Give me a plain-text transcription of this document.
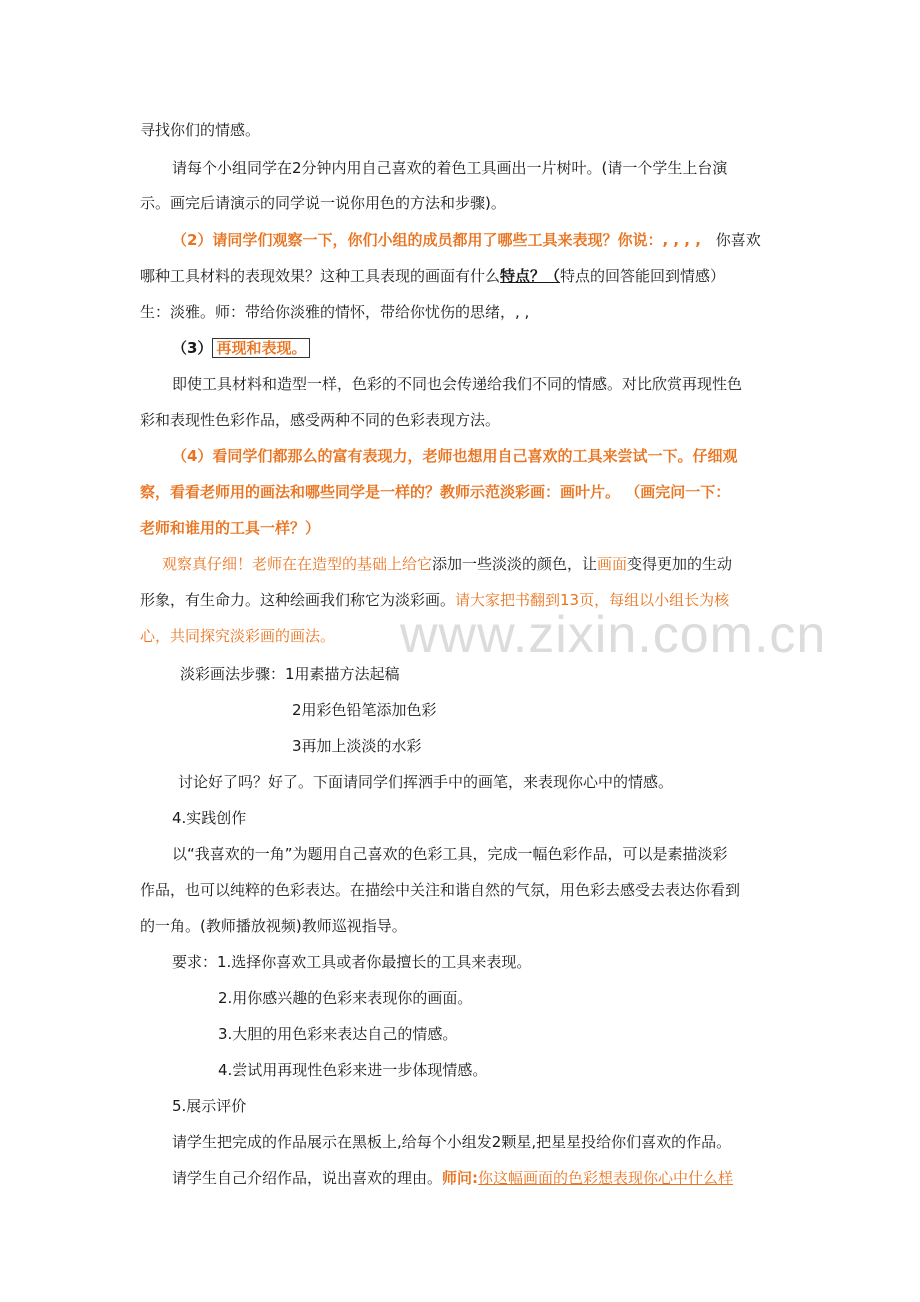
www.zixin.com.cn
寻找你们的情感。
请每个小组同学在2分钟内用自己喜欢的着色工具画出一片树叶。(请一个学生上台演
示。画完后请演示的同学说一说你用色的方法和步骤)。
（2）请同学们观察一下，你们小组的成员都用了哪些工具来表现？你说：, , , , 你喜欢
哪种工具材料的表现效果？这种工具表现的画面有什么特点？（特点的回答能回到情感）
生：淡雅。师：带给你淡雅的情怀，带给你忧伤的思绪，, ,
（3） 再现和表现。
即使工具材料和造型一样，色彩的不同也会传递给我们不同的情感。对比欣赏再现性色
彩和表现性色彩作品，感受两种不同的色彩表现方法。
（4）看同学们都那么的富有表现力，老师也想用自己喜欢的工具来尝试一下。仔细观
察，看看老师用的画法和哪些同学是一样的？教师示范淡彩画：画叶片。 （画完问一下：
老师和谁用的工具一样？）
观察真仔细！老师在在造型的基础上给它添加一些淡淡的颜色，让画面变得更加的生动
形象，有生命力。这种绘画我们称它为淡彩画。请大家把书翻到13页，每组以小组长为核
心，共同探究淡彩画的画法。
淡彩画法步骤：1用素描方法起稿
2用彩色铅笔添加色彩
3再加上淡淡的水彩
讨论好了吗？好了。下面请同学们挥洒手中的画笔，来表现你心中的情感。
4.实践创作
以“我喜欢的一角”为题用自己喜欢的色彩工具，完成一幅色彩作品，可以是素描淡彩
作品，也可以纯粹的色彩表达。在描绘中关注和谐自然的气氛，用色彩去感受去表达你看到
的一角。(教师播放视频)教师巡视指导。
要求：1.选择你喜欢工具或者你最擅长的工具来表现。
2.用你感兴趣的色彩来表现你的画面。
3.大胆的用色彩来表达自己的情感。
4.尝试用再现性色彩来进一步体现情感。
5.展示评价
请学生把完成的作品展示在黑板上,给每个小组发2颗星,把星星投给你们喜欢的作品。
请学生自己介绍作品，说出喜欢的理由。师问:你这幅画面的色彩想表现你心中什么样
